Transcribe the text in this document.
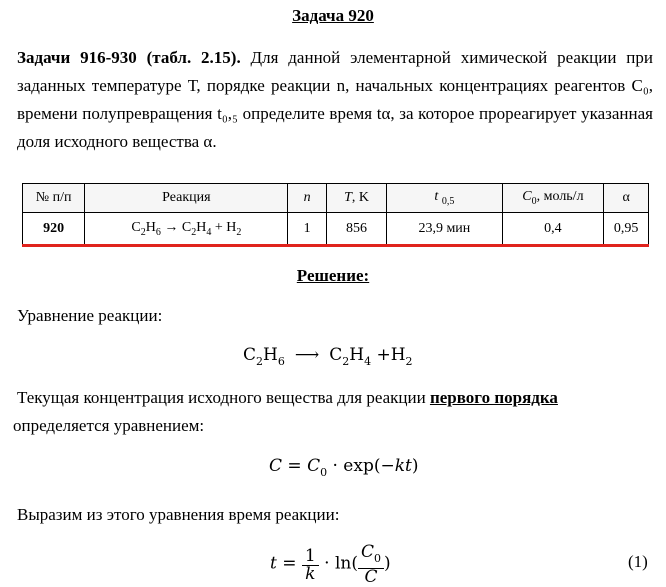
Задача 920
Задачи 916-930 (табл. 2.15). Для данной элементарной химической реакции при заданных температуре Т, порядке реакции n, начальных концентрациях реагентов С₀, времени полупревращения t₀,₅ определите время tα, за которое прореагирует указанная доля исходного вещества α.
№ п/п	Реакция	n	T, K	t $_{0,5}$	$C_0$, моль/л	α
920	$C_2H_6 \to C_2H_4 + H_2$	1	856	23,9 мин	0,4	0,95
Решение:
Уравнение реакции:
$C_2H_6$ ⟶ $C_2H_4 +H_2$
Текущая концентрация исходного вещества для реакции первого порядка
определяется уравнением:
$C = C_0 \cdot \exp(-kt)$
Выразим из этого уравнения время реакции:
$t = \frac{1}{k} \cdot \ln( \frac{C_0}{C}$ )	(1)
